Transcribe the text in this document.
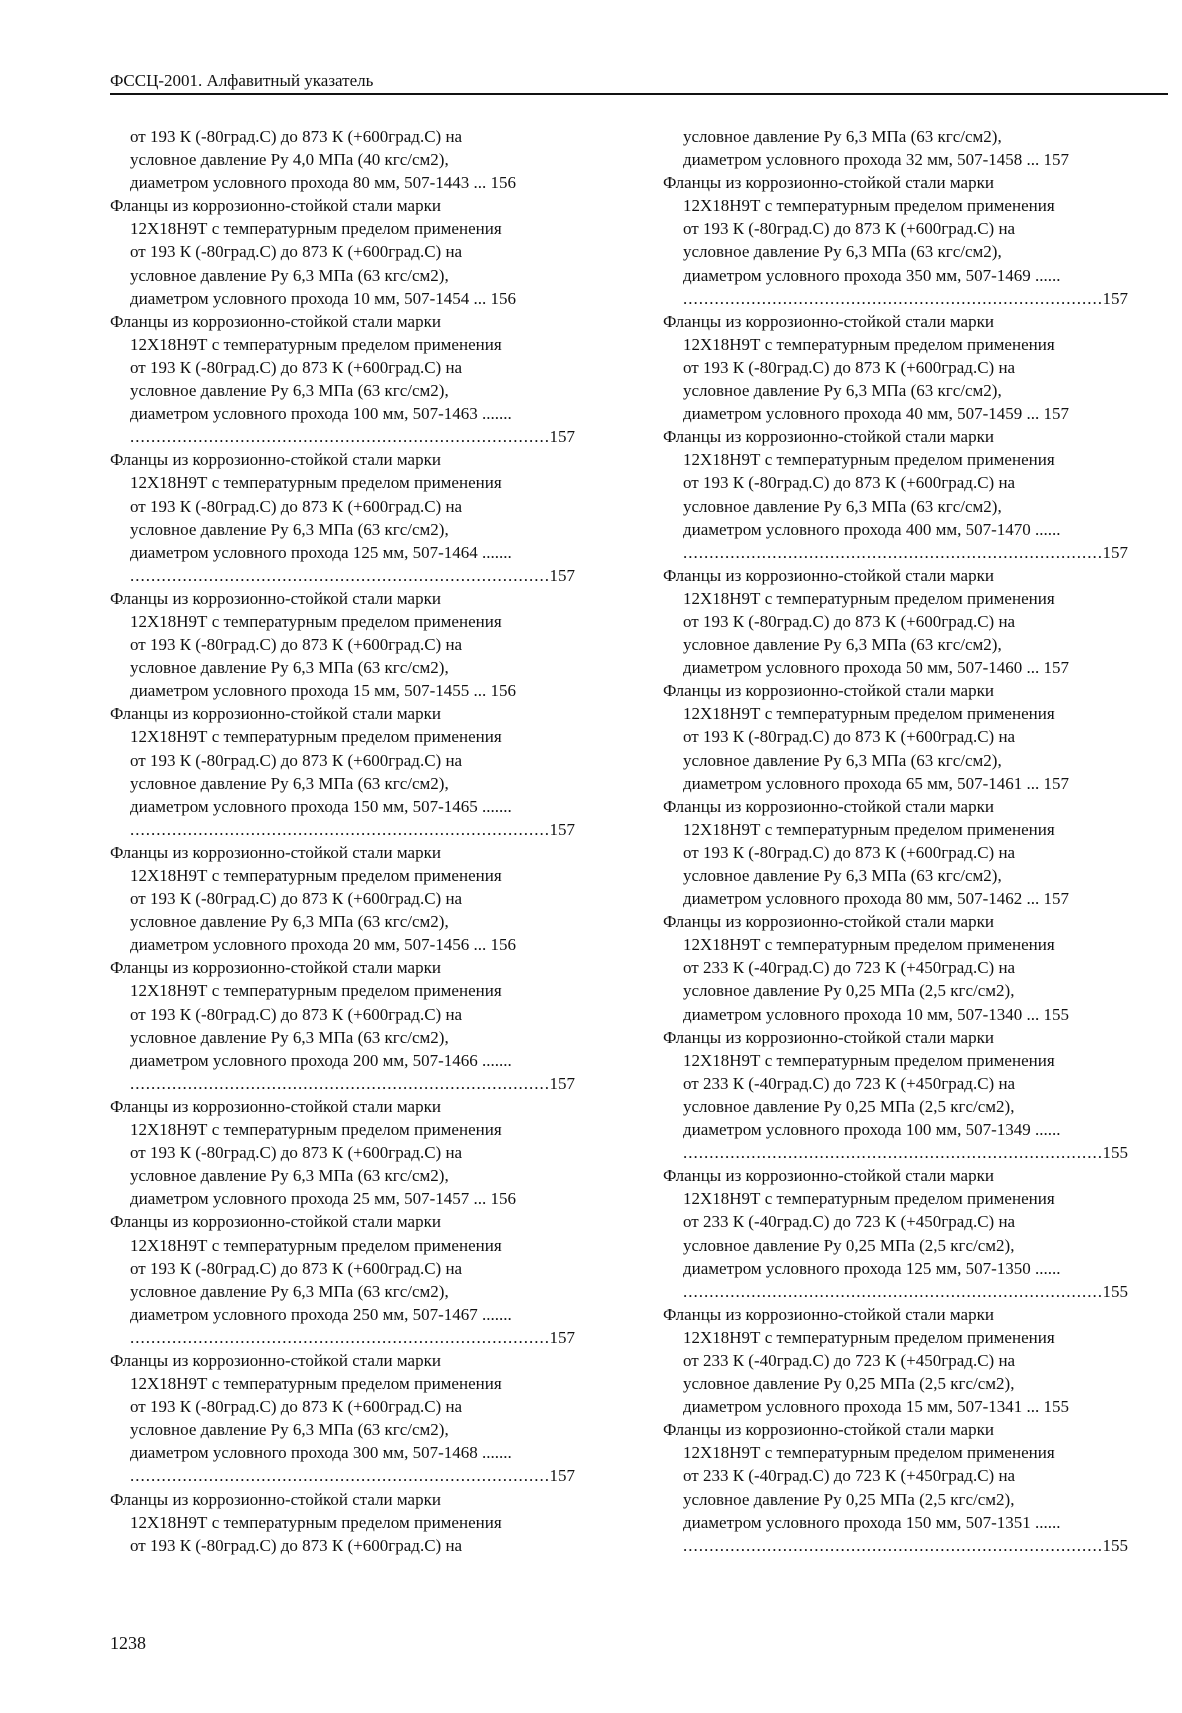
ФССЦ-2001. Алфавитный указатель
от 193 К (-80град.С) до 873 К (+600град.С) на
условное давление Ру 4,0 МПа (40 кгс/см2),
диаметром условного прохода 80 мм, 507-1443 ... 156
Фланцы из коррозионно-стойкой стали марки
12Х18Н9Т с температурным пределом применения
от 193 К (-80град.С) до 873 К (+600град.С) на
условное давление Ру 6,3 МПа (63 кгс/см2),
диаметром условного прохода 10 мм, 507-1454 ... 156
Фланцы из коррозионно-стойкой стали марки
12Х18Н9Т с температурным пределом применения
от 193 К (-80град.С) до 873 К (+600град.С) на
условное давление Ру 6,3 МПа (63 кгс/см2),
диаметром условного прохода 100 мм, 507-1463 .......
.....
157
Фланцы из коррозионно-стойкой стали марки
12Х18Н9Т с температурным пределом применения
от 193 К (-80град.С) до 873 К (+600град.С) на
условное давление Ру 6,3 МПа (63 кгс/см2),
диаметром условного прохода 125 мм, 507-1464 .......
.....
157
Фланцы из коррозионно-стойкой стали марки
12Х18Н9Т с температурным пределом применения
от 193 К (-80град.С) до 873 К (+600град.С) на
условное давление Ру 6,3 МПа (63 кгс/см2),
диаметром условного прохода 15 мм, 507-1455 ... 156
Фланцы из коррозионно-стойкой стали марки
12Х18Н9Т с температурным пределом применения
от 193 К (-80град.С) до 873 К (+600град.С) на
условное давление Ру 6,3 МПа (63 кгс/см2),
диаметром условного прохода 150 мм, 507-1465 .......
.....
157
Фланцы из коррозионно-стойкой стали марки
12Х18Н9Т с температурным пределом применения
от 193 К (-80град.С) до 873 К (+600град.С) на
условное давление Ру 6,3 МПа (63 кгс/см2),
диаметром условного прохода 20 мм, 507-1456 ... 156
Фланцы из коррозионно-стойкой стали марки
12Х18Н9Т с температурным пределом применения
от 193 К (-80град.С) до 873 К (+600град.С) на
условное давление Ру 6,3 МПа (63 кгс/см2),
диаметром условного прохода 200 мм, 507-1466 .......
.....
157
Фланцы из коррозионно-стойкой стали марки
12Х18Н9Т с температурным пределом применения
от 193 К (-80град.С) до 873 К (+600град.С) на
условное давление Ру 6,3 МПа (63 кгс/см2),
диаметром условного прохода 25 мм, 507-1457 ... 156
Фланцы из коррозионно-стойкой стали марки
12Х18Н9Т с температурным пределом применения
от 193 К (-80град.С) до 873 К (+600град.С) на
условное давление Ру 6,3 МПа (63 кгс/см2),
диаметром условного прохода 250 мм, 507-1467 .......
.....
157
Фланцы из коррозионно-стойкой стали марки
12Х18Н9Т с температурным пределом применения
от 193 К (-80град.С) до 873 К (+600град.С) на
условное давление Ру 6,3 МПа (63 кгс/см2),
диаметром условного прохода 300 мм, 507-1468 .......
.....
157
Фланцы из коррозионно-стойкой стали марки
12Х18Н9Т с температурным пределом применения
от 193 К (-80град.С) до 873 К (+600град.С) на
условное давление Ру 6,3 МПа (63 кгс/см2),
диаметром условного прохода 32 мм, 507-1458 ... 157
Фланцы из коррозионно-стойкой стали марки
12Х18Н9Т с температурным пределом применения
от 193 К (-80град.С) до 873 К (+600град.С) на
условное давление Ру 6,3 МПа (63 кгс/см2),
диаметром условного прохода 350 мм, 507-1469 ......
.....
157
Фланцы из коррозионно-стойкой стали марки
12Х18Н9Т с температурным пределом применения
от 193 К (-80град.С) до 873 К (+600град.С) на
условное давление Ру 6,3 МПа (63 кгс/см2),
диаметром условного прохода 40 мм, 507-1459 ... 157
Фланцы из коррозионно-стойкой стали марки
12Х18Н9Т с температурным пределом применения
от 193 К (-80град.С) до 873 К (+600град.С) на
условное давление Ру 6,3 МПа (63 кгс/см2),
диаметром условного прохода 400 мм, 507-1470 ......
.....
157
Фланцы из коррозионно-стойкой стали марки
12Х18Н9Т с температурным пределом применения
от 193 К (-80град.С) до 873 К (+600град.С) на
условное давление Ру 6,3 МПа (63 кгс/см2),
диаметром условного прохода 50 мм, 507-1460 ... 157
Фланцы из коррозионно-стойкой стали марки
12Х18Н9Т с температурным пределом применения
от 193 К (-80град.С) до 873 К (+600град.С) на
условное давление Ру 6,3 МПа (63 кгс/см2),
диаметром условного прохода 65 мм, 507-1461 ... 157
Фланцы из коррозионно-стойкой стали марки
12Х18Н9Т с температурным пределом применения
от 193 К (-80град.С) до 873 К (+600град.С) на
условное давление Ру 6,3 МПа (63 кгс/см2),
диаметром условного прохода 80 мм, 507-1462 ... 157
Фланцы из коррозионно-стойкой стали марки
12Х18Н9Т с температурным пределом применения
от 233 К (-40град.С) до 723 К (+450град.С) на
условное давление Ру 0,25 МПа (2,5 кгс/см2),
диаметром условного прохода 10 мм, 507-1340 ... 155
Фланцы из коррозионно-стойкой стали марки
12Х18Н9Т с температурным пределом применения
от 233 К (-40град.С) до 723 К (+450град.С) на
условное давление Ру 0,25 МПа (2,5 кгс/см2),
диаметром условного прохода 100 мм, 507-1349 ......
.....
155
Фланцы из коррозионно-стойкой стали марки
12Х18Н9Т с температурным пределом применения
от 233 К (-40град.С) до 723 К (+450град.С) на
условное давление Ру 0,25 МПа (2,5 кгс/см2),
диаметром условного прохода 125 мм, 507-1350 ......
.....
155
Фланцы из коррозионно-стойкой стали марки
12Х18Н9Т с температурным пределом применения
от 233 К (-40град.С) до 723 К (+450град.С) на
условное давление Ру 0,25 МПа (2,5 кгс/см2),
диаметром условного прохода 15 мм, 507-1341 ... 155
Фланцы из коррозионно-стойкой стали марки
12Х18Н9Т с температурным пределом применения
от 233 К (-40град.С) до 723 К (+450град.С) на
условное давление Ру 0,25 МПа (2,5 кгс/см2),
диаметром условного прохода 150 мм, 507-1351 ......
.....
155
1238
